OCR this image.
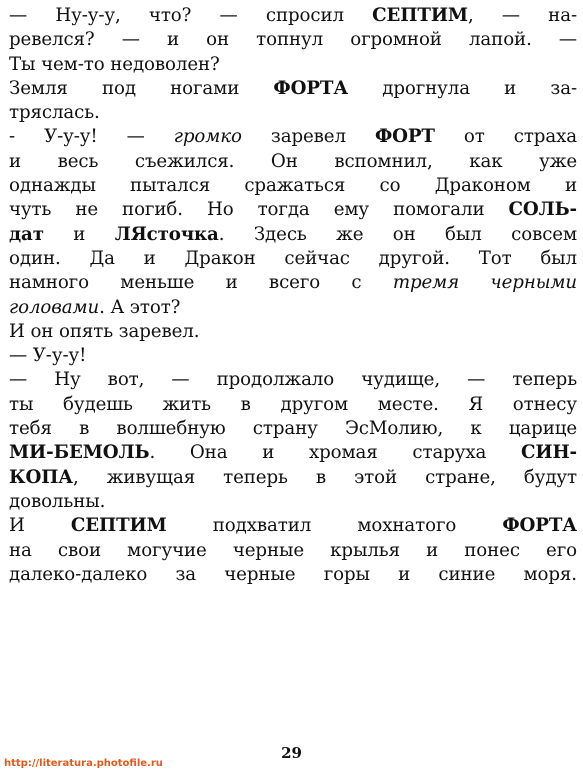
— Ну-у-у, что? — спросил СЕПТИМ, — на-
ревелся? — и он топнул огромной лапой. —
Ты чем-то недоволен?
Земля под ногами ФОРТА дрогнула и за-
тряслась.
- У-у-у! — громко заревел ФОРТ от страха
и весь съежился. Он вспомнил, как уже
однажды пытался сражаться со Драконом и
чуть не погиб. Но тогда ему помогали СОЛЬ-
дат и ЛЯсточка. Здесь же он был совсем
один. Да и Дракон сейчас другой. Тот был
намного меньше и всего с тремя черными
головами. А этот?
И он опять заревел.
— У-у-у!
— Ну вот, — продолжало чудище, — теперь
ты будешь жить в другом месте. Я отнесу
тебя в волшебную страну ЭсМолию, к царице
МИ-БЕМОЛЬ. Она и хромая старуха СИН-
КОПА, живущая теперь в этой стране, будут
довольны.
И СЕПТИМ подхватил мохнатого ФОРТА
на свои могучие черные крылья и понес его
далеко-далеко за черные горы и синие моря.
29
http://literatura.photofile.ru
